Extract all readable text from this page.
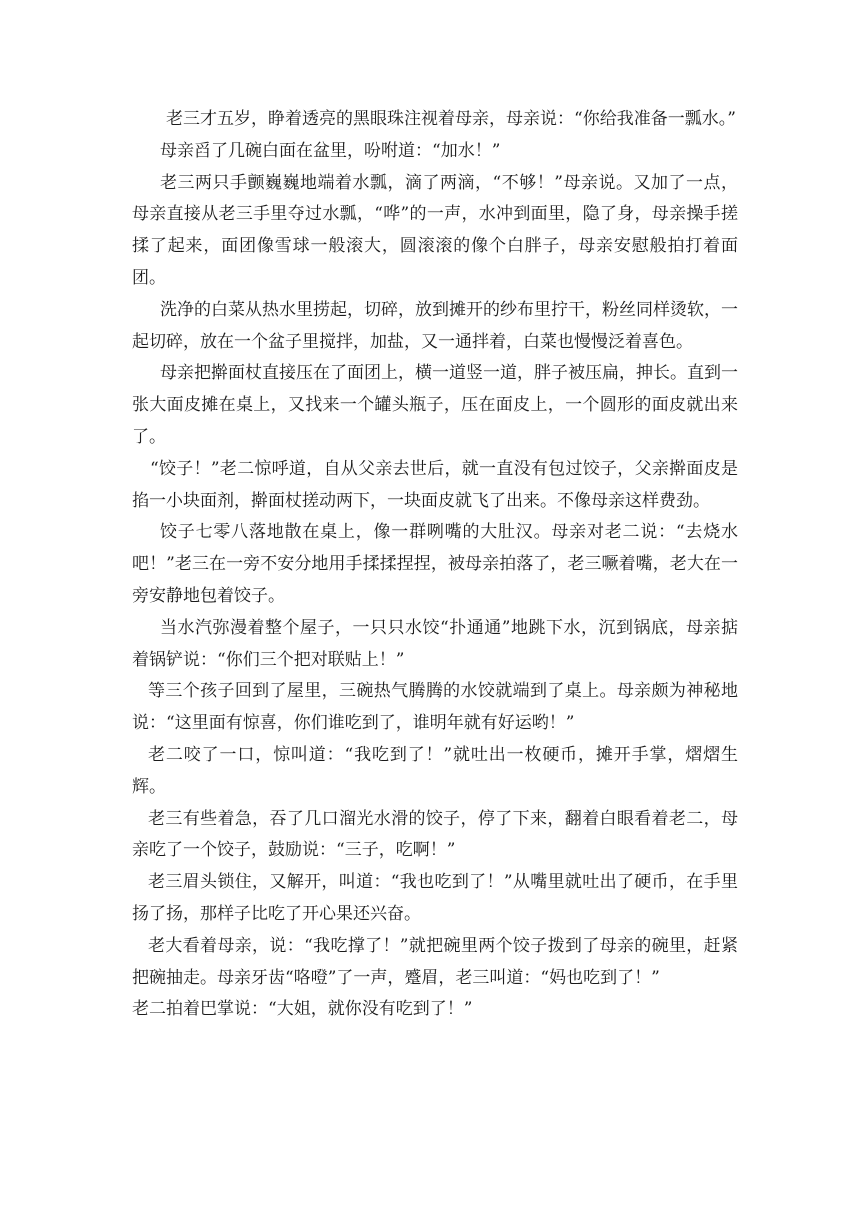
老三才五岁，睁着透亮的黑眼珠注视着母亲，母亲说：“你给我准备一瓢水。”

母亲舀了几碗白面在盆里，吩咐道：“加水！”

老三两只手颤巍巍地端着水瓢，滴了两滴，“不够！”母亲说。又加了一点，母亲直接从老三手里夺过水瓢，“哗”的一声，水冲到面里，隐了身，母亲操手搓揉了起来，面团像雪球一般滚大，圆滚滚的像个白胖子，母亲安慰般拍打着面团。

洗净的白菜从热水里捞起，切碎，放到摊开的纱布里拧干，粉丝同样烫软，一起切碎，放在一个盆子里搅拌，加盐，又一通拌着，白菜也慢慢泛着喜色。

母亲把擀面杖直接压在了面团上，横一道竖一道，胖子被压扁，抻长。直到一张大面皮摊在桌上，又找来一个罐头瓶子，压在面皮上，一个圆形的面皮就出来了。

“饺子！”老二惊呼道，自从父亲去世后，就一直没有包过饺子，父亲擀面皮是掐一小块面剂，擀面杖搓动两下，一块面皮就飞了出来。不像母亲这样费劲。

饺子七零八落地散在桌上，像一群咧嘴的大肚汉。母亲对老二说：“去烧水吧！”老三在一旁不安分地用手揉揉捏捏，被母亲拍落了，老三噘着嘴，老大在一旁安静地包着饺子。

当水汽弥漫着整个屋子，一只只水饺“扑通通”地跳下水，沉到锅底，母亲掂着锅铲说：“你们三个把对联贴上！”

等三个孩子回到了屋里，三碗热气腾腾的水饺就端到了桌上。母亲颇为神秘地说：“这里面有惊喜，你们谁吃到了，谁明年就有好运哟！”

老二咬了一口，惊叫道：“我吃到了！”就吐出一枚硬币，摊开手掌，熠熠生辉。

老三有些着急，吞了几口溜光水滑的饺子，停了下来，翻着白眼看着老二，母亲吃了一个饺子，鼓励说：“三子，吃啊！”

老三眉头锁住，又解开，叫道：“我也吃到了！”从嘴里就吐出了硬币，在手里扬了扬，那样子比吃了开心果还兴奋。

老大看着母亲，说：“我吃撑了！”就把碗里两个饺子拨到了母亲的碗里，赶紧把碗抽走。母亲牙齿“咯噔”了一声，蹙眉，老三叫道：“妈也吃到了！”

老二拍着巴掌说：“大姐，就你没有吃到了！”
